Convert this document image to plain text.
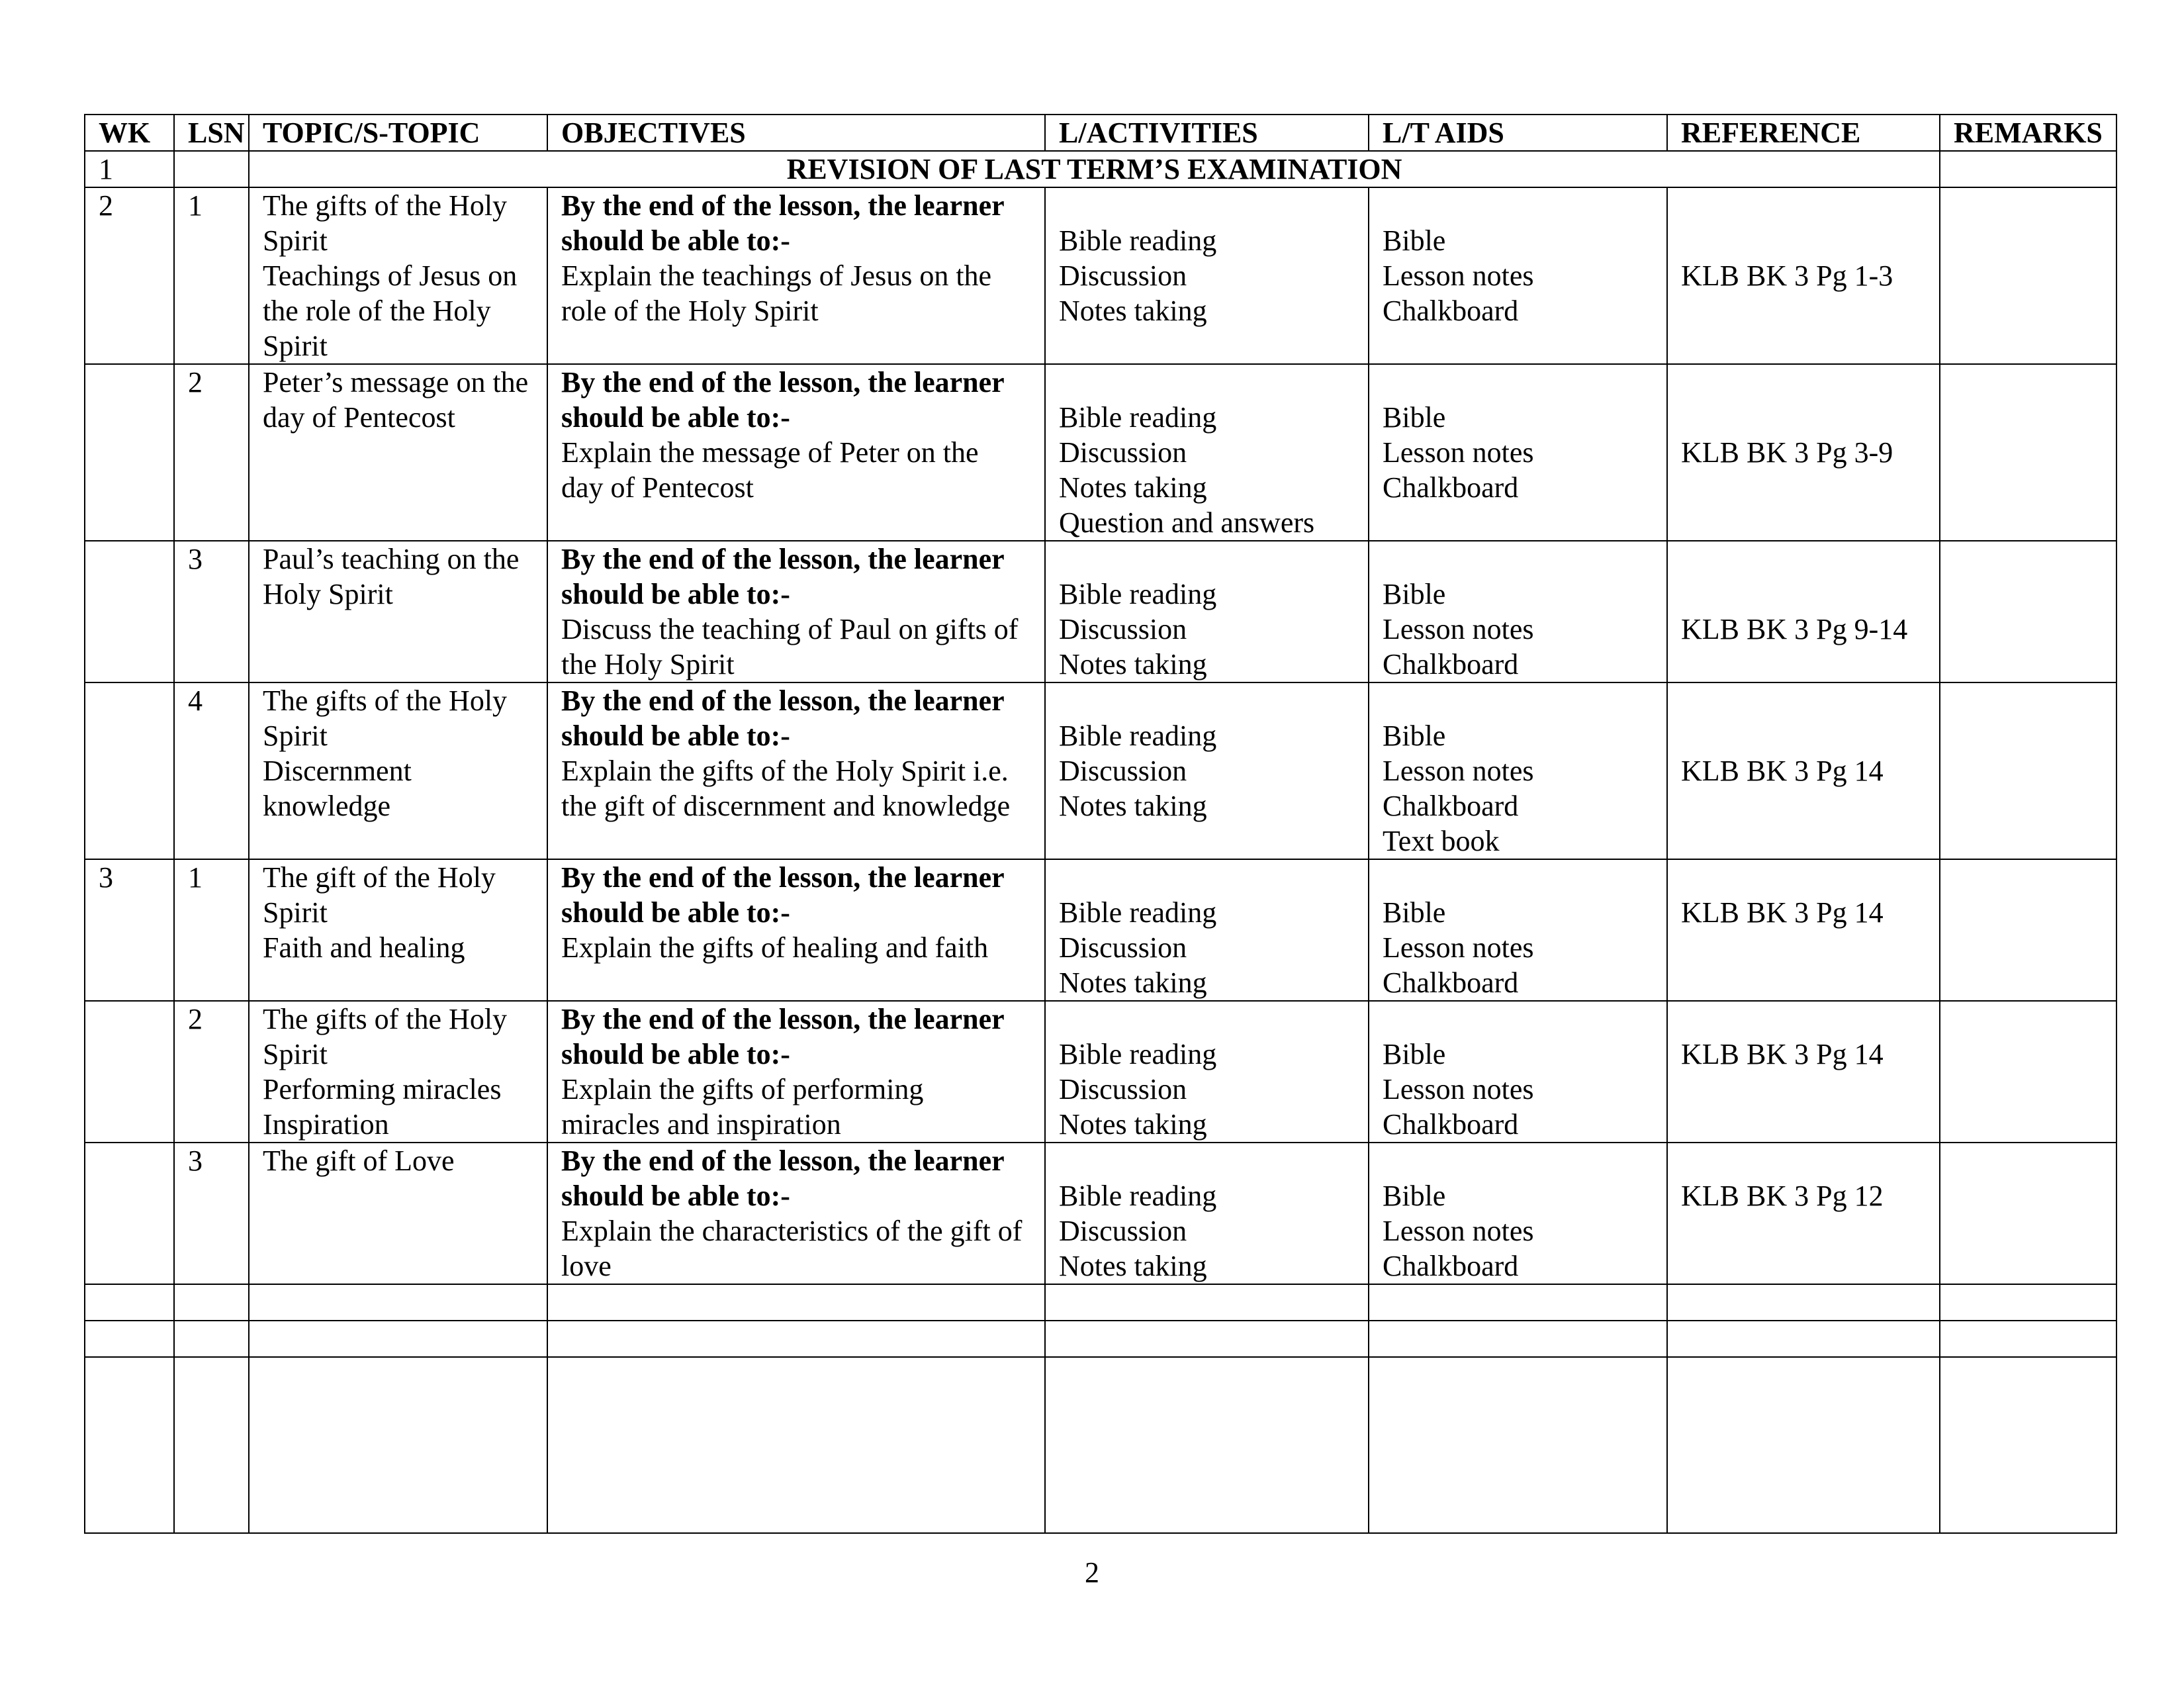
WK	LSN	TOPIC/S-TOPIC	OBJECTIVES	L/ACTIVITIES	L/T AIDS	REFERENCE	REMARKS
1		REVISION OF LAST TERM’S EXAMINATION					
2	1	The gifts of the Holy
Spirit
Teachings of Jesus on
the role of the Holy
Spirit	By the end of the lesson, the learner
should be able to:-
Explain the teachings of Jesus on the
role of the Holy Spirit	Bible reading
Discussion
Notes taking	Bible
Lesson notes
Chalkboard	KLB BK 3 Pg 1-3	

	2	Peter’s message on the
day of Pentecost	By the end of the lesson, the learner
should be able to:-
Explain the message of Peter on the
day of Pentecost	Bible reading
Discussion
Notes taking
Question and answers	Bible
Lesson notes
Chalkboard	KLB BK 3 Pg 3-9	

	3	Paul’s teaching on the
Holy Spirit	By the end of the lesson, the learner
should be able to:-
Discuss the teaching of Paul on gifts of
the Holy Spirit	Bible reading
Discussion
Notes taking	Bible
Lesson notes
Chalkboard	KLB BK 3 Pg 9-14	

	4	The gifts of the Holy
Spirit
Discernment
knowledge	By the end of the lesson, the learner
should be able to:-
Explain the gifts of the Holy Spirit i.e.
the gift of discernment and knowledge	Bible reading
Discussion
Notes taking	Bible
Lesson notes
Chalkboard
Text book	KLB BK 3 Pg 14	

3	1	The gift of the Holy
Spirit
Faith and healing	By the end of the lesson, the learner
should be able to:-
Explain the gifts of healing and faith	Bible reading
Discussion
Notes taking	Bible
Lesson notes
Chalkboard	KLB BK 3 Pg 14	

	2	The gifts of the Holy
Spirit
Performing miracles
Inspiration	By the end of the lesson, the learner
should be able to:-
Explain the gifts of performing
miracles and inspiration	Bible reading
Discussion
Notes taking	Bible
Lesson notes
Chalkboard	KLB BK 3 Pg 14	

	3	The gift of Love	By the end of the lesson, the learner
should be able to:-
Explain the characteristics of the gift of
love	Bible reading
Discussion
Notes taking	Bible
Lesson notes
Chalkboard	KLB BK 3 Pg 12	

2
